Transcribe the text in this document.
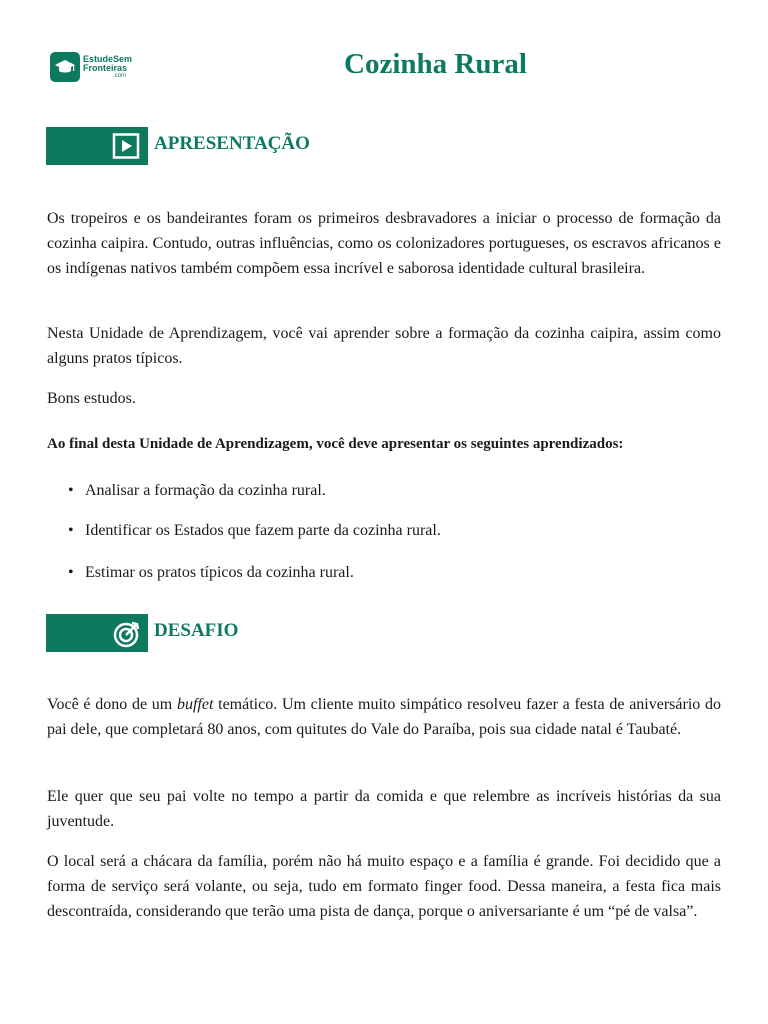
EstudeSem
Fronteiras
.com	Cozinha Rural
APRESENTAÇÃO

Os tropeiros e os bandeirantes foram os primeiros desbravadores a iniciar o processo de formação da cozinha caipira. Contudo, outras influências, como os colonizadores portugueses, os escravos africanos e os indígenas nativos também compõem essa incrível e saborosa identidade cultural brasileira.

Nesta Unidade de Aprendizagem, você vai aprender sobre a formação da cozinha caipira, assim como alguns pratos típicos.

Bons estudos.

Ao final desta Unidade de Aprendizagem, você deve apresentar os seguintes aprendizados:

• Analisar a formação da cozinha rural.

• Identificar os Estados que fazem parte da cozinha rural.

• Estimar os pratos típicos da cozinha rural.

DESAFIO

Você é dono de um buffet temático. Um cliente muito simpático resolveu fazer a festa de aniversário do pai dele, que completará 80 anos, com quitutes do Vale do Paraíba, pois sua cidade natal é Taubaté.

Ele quer que seu pai volte no tempo a partir da comida e que relembre as incríveis histórias da sua juventude.

O local será a chácara da família, porém não há muito espaço e a família é grande. Foi decidido que a forma de serviço será volante, ou seja, tudo em formato finger food. Dessa maneira, a festa fica mais descontraída, considerando que terão uma pista de dança, porque o aniversariante é um “pé de valsa”.
